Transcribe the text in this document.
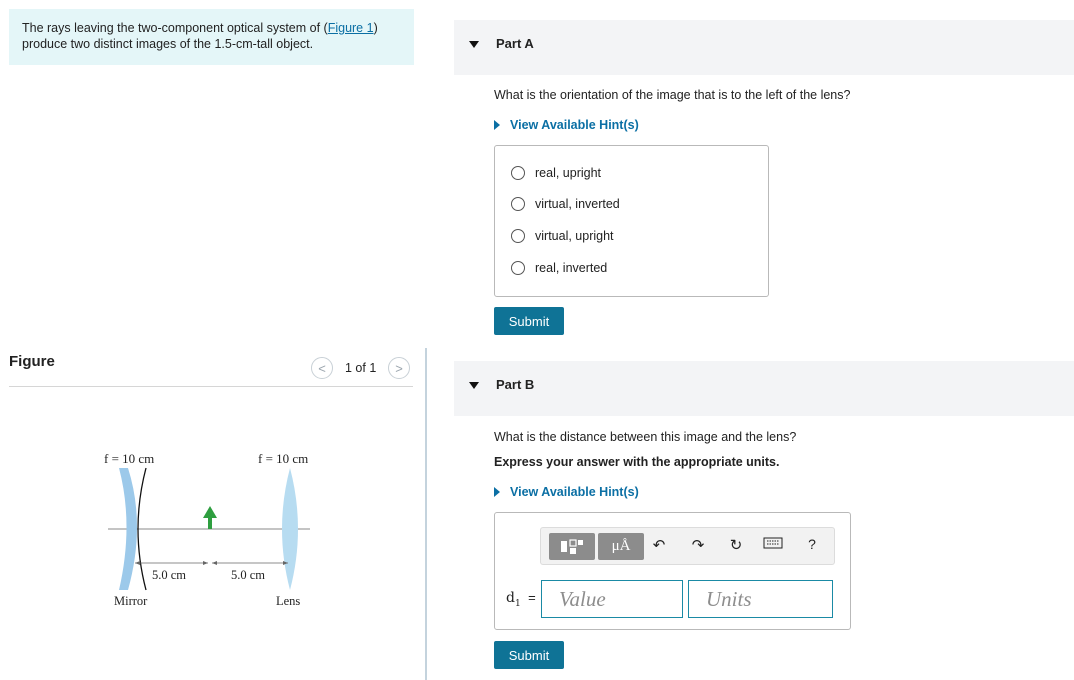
The rays leaving the two-component optical system of (Figure 1) produce two distinct images of the 1.5-cm-tall object.
Figure	< 1 of 1 >
f = 10 cm	f = 10 cm
5.0 cm	5.0 cm
Mirror	Lens
Part A
What is the orientation of the image that is to the left of the lens?
View Available Hint(s)
real, upright
virtual, inverted
virtual, upright
real, inverted
Submit
Part B
What is the distance between this image and the lens?
Express your answer with the appropriate units.
View Available Hint(s)
μÅ	↶ ↷ ↻	?
$d_1$ =	Value	Units
Submit
